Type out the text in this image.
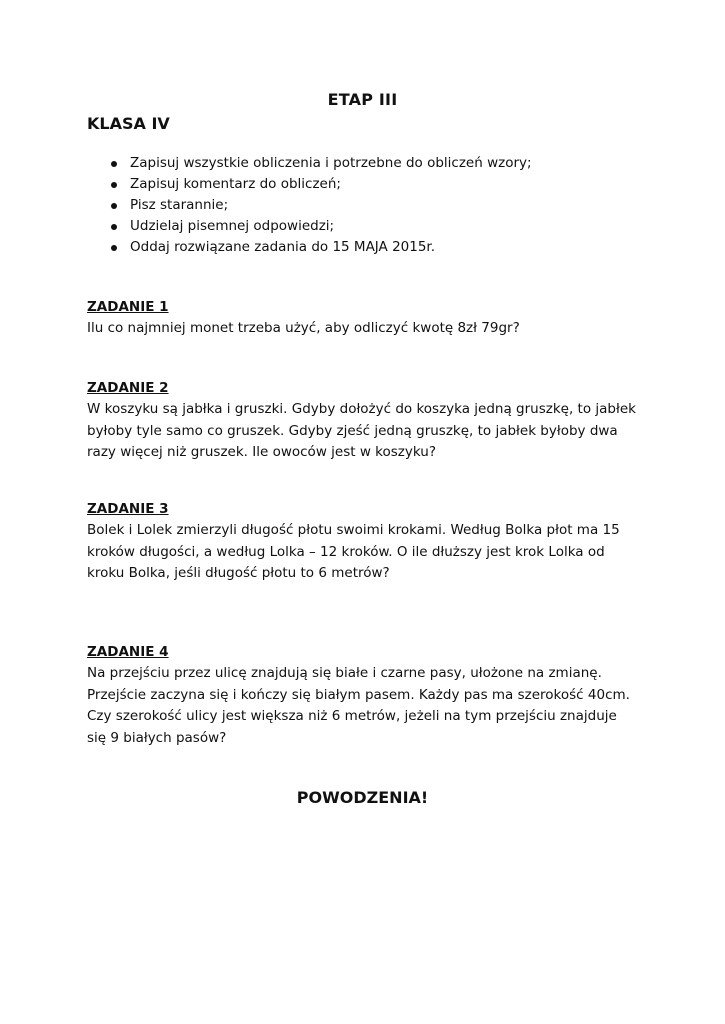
ETAP III
KLASA IV
Zapisuj wszystkie obliczenia i potrzebne do obliczeń wzory;
Zapisuj komentarz do obliczeń;
Pisz starannie;
Udzielaj pisemnej odpowiedzi;
Oddaj rozwiązane zadania do 15 MAJA 2015r.
ZADANIE 1
Ilu co najmniej monet trzeba użyć, aby odliczyć kwotę 8zł 79gr?
ZADANIE 2
W koszyku są jabłka i gruszki. Gdyby dołożyć do koszyka jedną gruszkę, to jabłek
byłoby tyle samo co gruszek. Gdyby zjeść jedną gruszkę, to jabłek byłoby dwa
razy więcej niż gruszek. Ile owoców jest w koszyku?
ZADANIE 3
Bolek i Lolek zmierzyli długość płotu swoimi krokami. Według Bolka płot ma 15
kroków długości, a według Lolka – 12 kroków. O ile dłuższy jest krok Lolka od
kroku Bolka, jeśli długość płotu to 6 metrów?
ZADANIE 4
Na przejściu przez ulicę znajdują się białe i czarne pasy, ułożone na zmianę.
Przejście zaczyna się i kończy się białym pasem. Każdy pas ma szerokość 40cm.
Czy szerokość ulicy jest większa niż 6 metrów, jeżeli na tym przejściu znajduje
się 9 białych pasów?
POWODZENIA!
